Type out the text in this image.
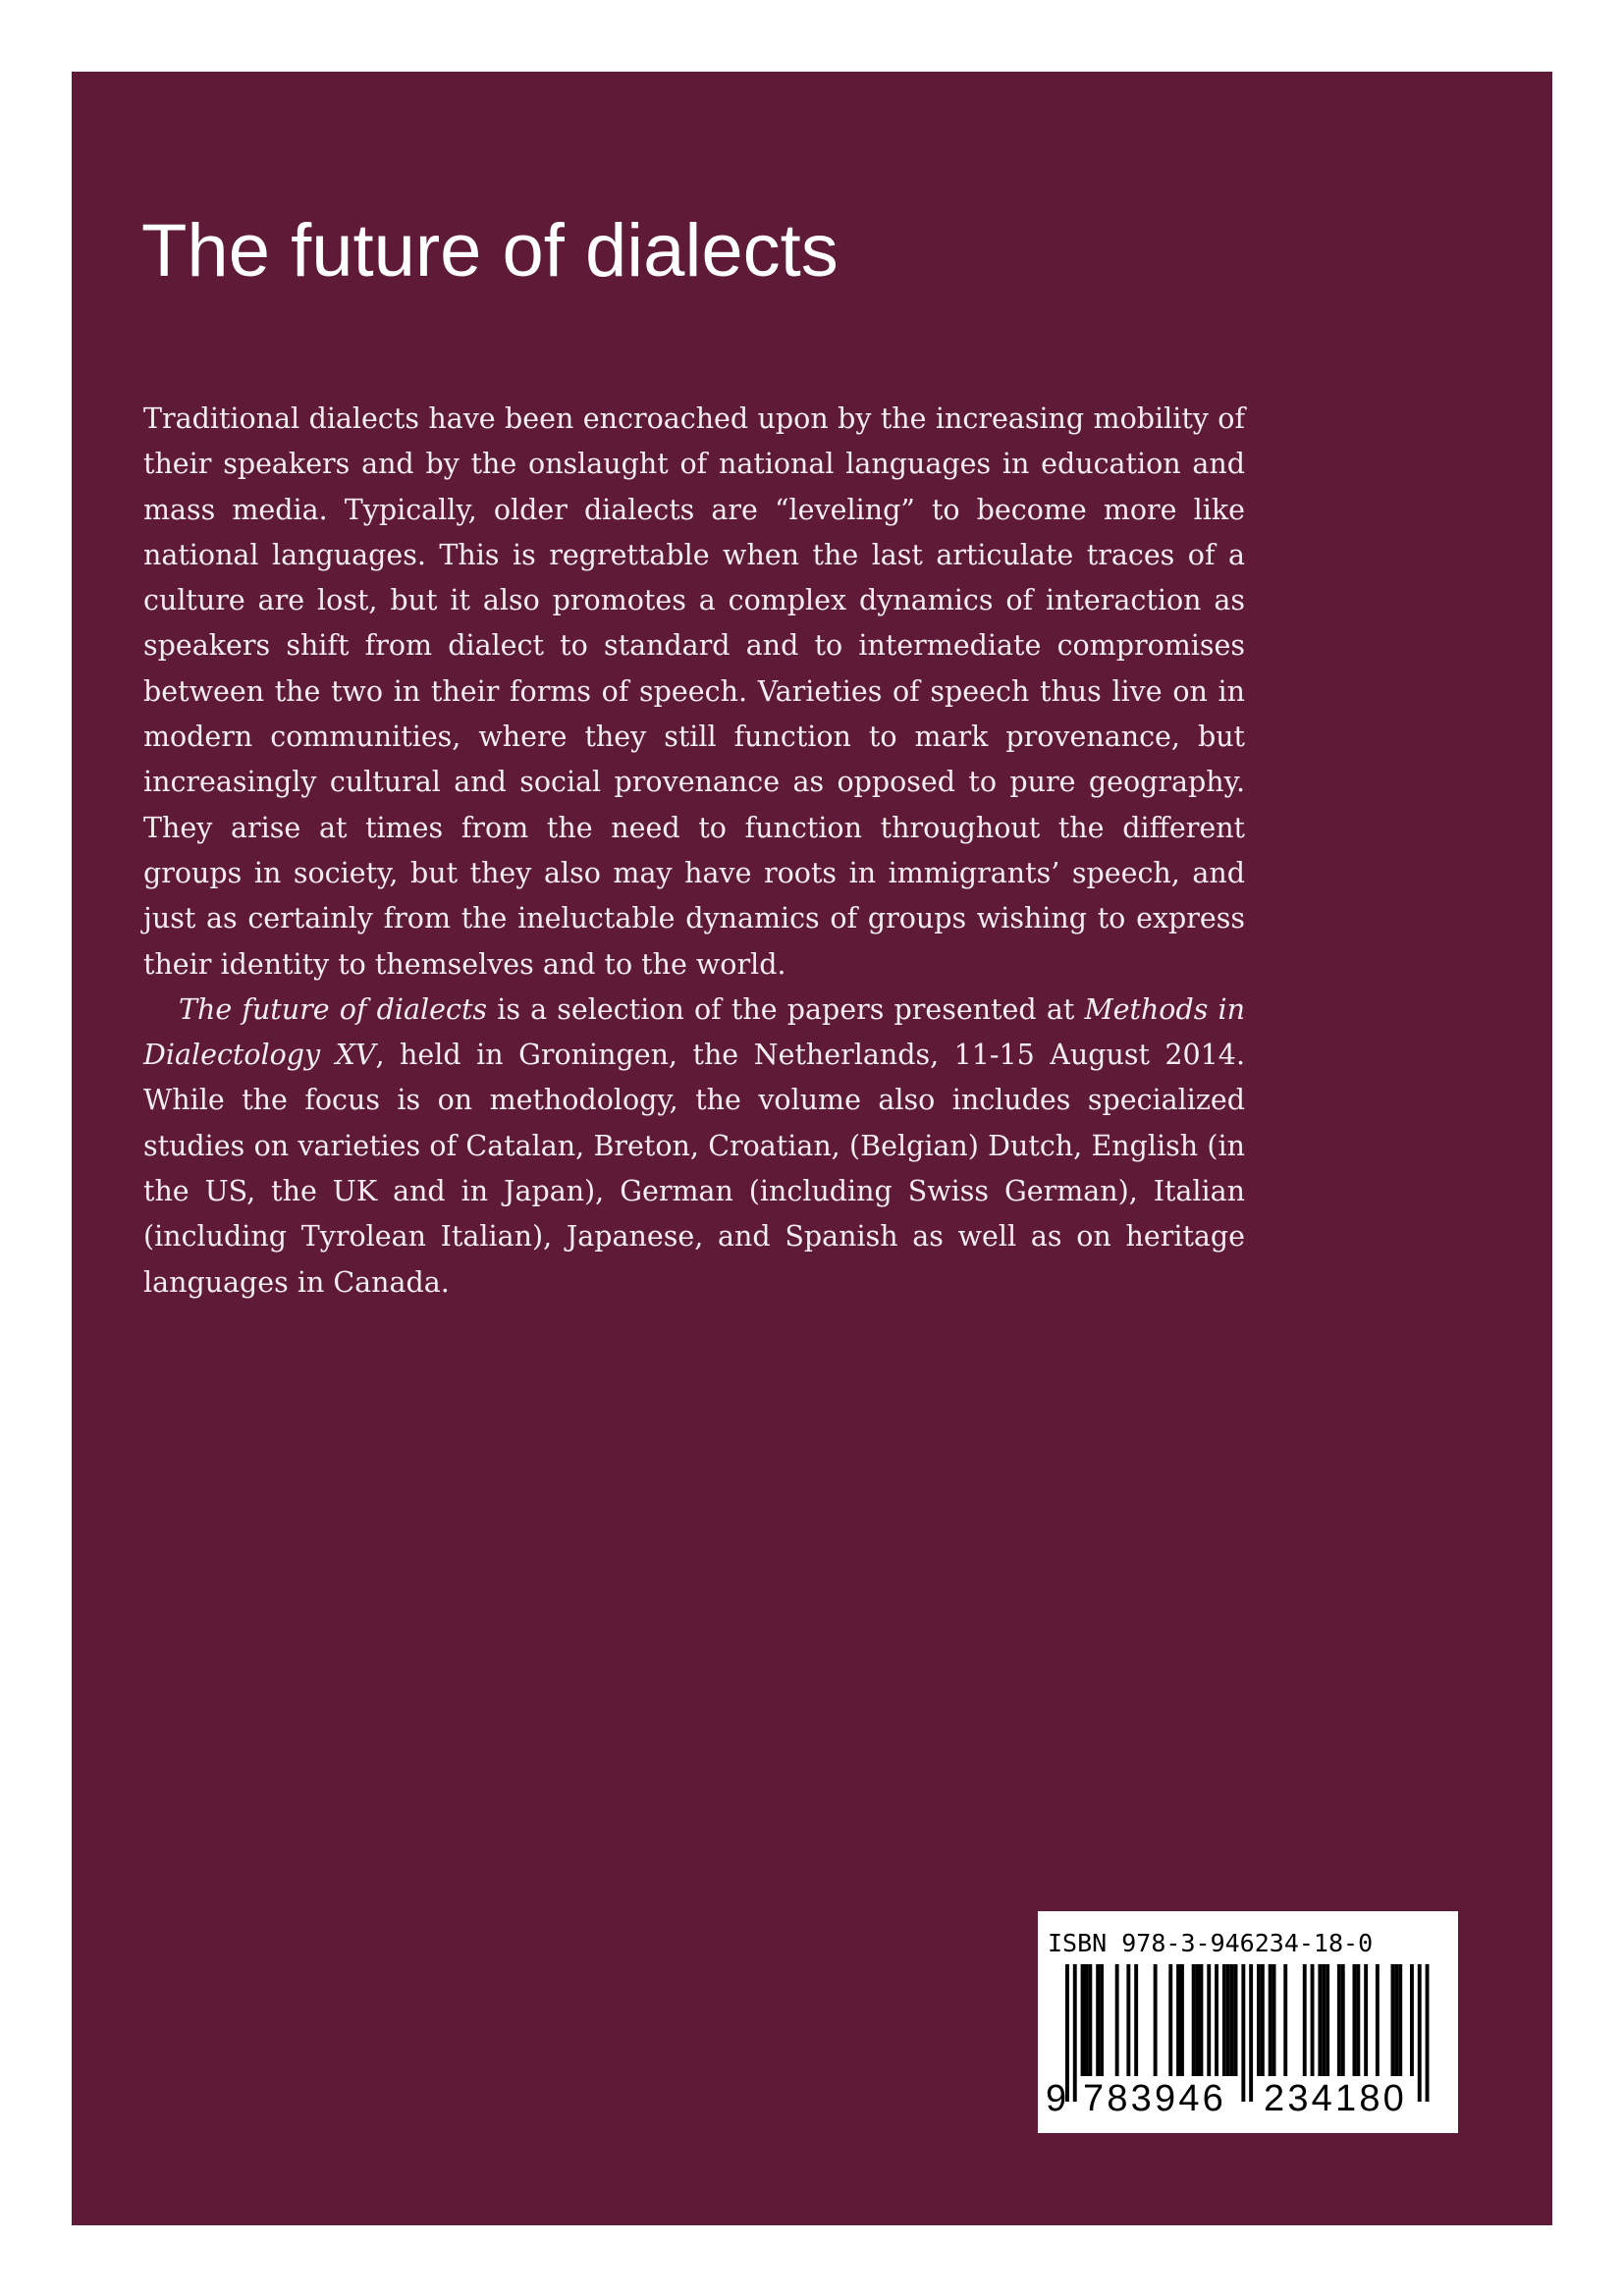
The future of dialects

Traditional dialects have been encroached upon by the increasing mobility of their speakers and by the onslaught of national languages in education and mass media. Typically, older dialects are “leveling” to become more like national languages. This is regrettable when the last articulate traces of a culture are lost, but it also promotes a complex dynamics of interaction as speakers shift from dialect to standard and to intermediate compromises between the two in their forms of speech. Varieties of speech thus live on in modern communities, where they still function to mark provenance, but increasingly cultural and social provenance as opposed to pure geography. They arise at times from the need to function throughout the different groups in society, but they also may have roots in immigrants’ speech, and just as certainly from the ineluctable dynamics of groups wishing to express their identity to themselves and to the world.

The future of dialects is a selection of the papers presented at Methods in Dialectology XV, held in Groningen, the Netherlands, 11-15 August 2014. While the focus is on methodology, the volume also includes specialized studies on varieties of Catalan, Breton, Croatian, (Belgian) Dutch, English (in the US, the UK and in Japan), German (including Swiss German), Italian (including Tyrolean Italian), Japanese, and Spanish as well as on heritage languages in Canada.

ISBN 978-3-946234-18-0
9 783946 234180
